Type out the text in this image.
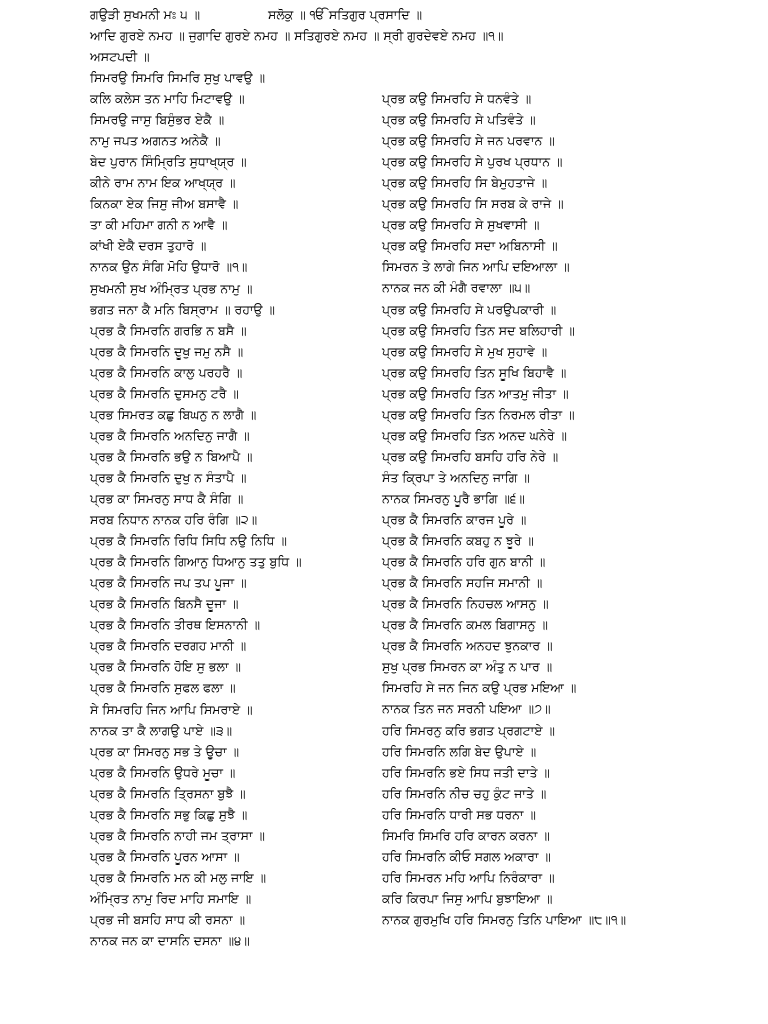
ਗਉੜੀ ਸੁਖਮਨੀ ਮਃ ੫ ॥	ਸਲੋਕੁ ॥ ੴ ਸਤਿਗੁਰ ਪ੍ਰਸਾਦਿ ॥
ਆਦਿ ਗੁਰਏ ਨਮਹ ॥ ਜੁਗਾਦਿ ਗੁਰਏ ਨਮਹ ॥ ਸਤਿਗੁਰਏ ਨਮਹ ॥ ਸ੍ਰੀ ਗੁਰਦੇਵਏ ਨਮਹ ॥੧॥
ਅਸਟਪਦੀ ॥
ਸਿਮਰਉ ਸਿਮਰਿ ਸਿਮਰਿ ਸੁਖੁ ਪਾਵਉ ॥
ਕਲਿ ਕਲੇਸ ਤਨ ਮਾਹਿ ਮਿਟਾਵਉ ॥
ਸਿਮਰਉ ਜਾਸੁ ਬਿਸੁੰਭਰ ਏਕੈ ॥
ਨਾਮੁ ਜਪਤ ਅਗਨਤ ਅਨੇਕੈ ॥
ਬੇਦ ਪੁਰਾਨ ਸਿੰਮ੍ਰਿਤਿ ਸੁਧਾਖ੍ਯ੍ਰ ॥
ਕੀਨੇ ਰਾਮ ਨਾਮ ਇਕ ਆਖ੍ਯ੍ਰ ॥
ਕਿਨਕਾ ਏਕ ਜਿਸੁ ਜੀਅ ਬਸਾਵੈ ॥
ਤਾ ਕੀ ਮਹਿਮਾ ਗਨੀ ਨ ਆਵੈ ॥
ਕਾਂਖੀ ਏਕੈ ਦਰਸ ਤੁਹਾਰੋ ॥
ਨਾਨਕ ਉਨ ਸੰਗਿ ਮੋਹਿ ਉਧਾਰੋ ॥੧॥
ਸੁਖਮਨੀ ਸੁਖ ਅੰਮ੍ਰਿਤ ਪ੍ਰਭ ਨਾਮੁ ॥
ਭਗਤ ਜਨਾ ਕੈ ਮਨਿ ਬਿਸ੍ਰਾਮ ॥ ਰਹਾਉ ॥
ਪ੍ਰਭ ਕੈ ਸਿਮਰਨਿ ਗਰਭਿ ਨ ਬਸੈ ॥
ਪ੍ਰਭ ਕੈ ਸਿਮਰਨਿ ਦੂਖੁ ਜਮੁ ਨਸੈ ॥
ਪ੍ਰਭ ਕੈ ਸਿਮਰਨਿ ਕਾਲੁ ਪਰਹਰੈ ॥
ਪ੍ਰਭ ਕੈ ਸਿਮਰਨਿ ਦੁਸਮਨੁ ਟਰੈ ॥
ਪ੍ਰਭ ਸਿਮਰਤ ਕਛੁ ਬਿਘਨੁ ਨ ਲਾਗੈ ॥
ਪ੍ਰਭ ਕੈ ਸਿਮਰਨਿ ਅਨਦਿਨੁ ਜਾਗੈ ॥
ਪ੍ਰਭ ਕੈ ਸਿਮਰਨਿ ਭਉ ਨ ਬਿਆਪੈ ॥
ਪ੍ਰਭ ਕੈ ਸਿਮਰਨਿ ਦੁਖੁ ਨ ਸੰਤਾਪੈ ॥
ਪ੍ਰਭ ਕਾ ਸਿਮਰਨੁ ਸਾਧ ਕੈ ਸੰਗਿ ॥
ਸਰਬ ਨਿਧਾਨ ਨਾਨਕ ਹਰਿ ਰੰਗਿ ॥੨॥
ਪ੍ਰਭ ਕੈ ਸਿਮਰਨਿ ਰਿਧਿ ਸਿਧਿ ਨਉ ਨਿਧਿ ॥
ਪ੍ਰਭ ਕੈ ਸਿਮਰਨਿ ਗਿਆਨੁ ਧਿਆਨੁ ਤਤੁ ਬੁਧਿ ॥
ਪ੍ਰਭ ਕੈ ਸਿਮਰਨਿ ਜਪ ਤਪ ਪੂਜਾ ॥
ਪ੍ਰਭ ਕੈ ਸਿਮਰਨਿ ਬਿਨਸੈ ਦੂਜਾ ॥
ਪ੍ਰਭ ਕੈ ਸਿਮਰਨਿ ਤੀਰਥ ਇਸਨਾਨੀ ॥
ਪ੍ਰਭ ਕੈ ਸਿਮਰਨਿ ਦਰਗਹ ਮਾਨੀ ॥
ਪ੍ਰਭ ਕੈ ਸਿਮਰਨਿ ਹੋਇ ਸੁ ਭਲਾ ॥
ਪ੍ਰਭ ਕੈ ਸਿਮਰਨਿ ਸੁਫਲ ਫਲਾ ॥
ਸੇ ਸਿਮਰਹਿ ਜਿਨ ਆਪਿ ਸਿਮਰਾਏ ॥
ਨਾਨਕ ਤਾ ਕੈ ਲਾਗਉ ਪਾਏ ॥੩॥
ਪ੍ਰਭ ਕਾ ਸਿਮਰਨੁ ਸਭ ਤੇ ਊਚਾ ॥
ਪ੍ਰਭ ਕੈ ਸਿਮਰਨਿ ਉਧਰੇ ਮੂਚਾ ॥
ਪ੍ਰਭ ਕੈ ਸਿਮਰਨਿ ਤ੍ਰਿਸਨਾ ਬੁਝੈ ॥
ਪ੍ਰਭ ਕੈ ਸਿਮਰਨਿ ਸਭੁ ਕਿਛੁ ਸੁਝੈ ॥
ਪ੍ਰਭ ਕੈ ਸਿਮਰਨਿ ਨਾਹੀ ਜਮ ਤ੍ਰਾਸਾ ॥
ਪ੍ਰਭ ਕੈ ਸਿਮਰਨਿ ਪੂਰਨ ਆਸਾ ॥
ਪ੍ਰਭ ਕੈ ਸਿਮਰਨਿ ਮਨ ਕੀ ਮਲੁ ਜਾਇ ॥
ਅੰਮ੍ਰਿਤ ਨਾਮੁ ਰਿਦ ਮਾਹਿ ਸਮਾਇ ॥
ਪ੍ਰਭ ਜੀ ਬਸਹਿ ਸਾਧ ਕੀ ਰਸਨਾ ॥
ਨਾਨਕ ਜਨ ਕਾ ਦਾਸਨਿ ਦਸਨਾ ॥੪॥
ਪ੍ਰਭ ਕਉ ਸਿਮਰਹਿ ਸੇ ਧਨਵੰਤੇ ॥
ਪ੍ਰਭ ਕਉ ਸਿਮਰਹਿ ਸੇ ਪਤਿਵੰਤੇ ॥
ਪ੍ਰਭ ਕਉ ਸਿਮਰਹਿ ਸੇ ਜਨ ਪਰਵਾਨ ॥
ਪ੍ਰਭ ਕਉ ਸਿਮਰਹਿ ਸੇ ਪੁਰਖ ਪ੍ਰਧਾਨ ॥
ਪ੍ਰਭ ਕਉ ਸਿਮਰਹਿ ਸਿ ਬੇਮੁਹਤਾਜੇ ॥
ਪ੍ਰਭ ਕਉ ਸਿਮਰਹਿ ਸਿ ਸਰਬ ਕੇ ਰਾਜੇ ॥
ਪ੍ਰਭ ਕਉ ਸਿਮਰਹਿ ਸੇ ਸੁਖਵਾਸੀ ॥
ਪ੍ਰਭ ਕਉ ਸਿਮਰਹਿ ਸਦਾ ਅਬਿਨਾਸੀ ॥
ਸਿਮਰਨ ਤੇ ਲਾਗੇ ਜਿਨ ਆਪਿ ਦਇਆਲਾ ॥
ਨਾਨਕ ਜਨ ਕੀ ਮੰਗੈ ਰਵਾਲਾ ॥੫॥
ਪ੍ਰਭ ਕਉ ਸਿਮਰਹਿ ਸੇ ਪਰਉਪਕਾਰੀ ॥
ਪ੍ਰਭ ਕਉ ਸਿਮਰਹਿ ਤਿਨ ਸਦ ਬਲਿਹਾਰੀ ॥
ਪ੍ਰਭ ਕਉ ਸਿਮਰਹਿ ਸੇ ਮੁਖ ਸੁਹਾਵੇ ॥
ਪ੍ਰਭ ਕਉ ਸਿਮਰਹਿ ਤਿਨ ਸੂਖਿ ਬਿਹਾਵੈ ॥
ਪ੍ਰਭ ਕਉ ਸਿਮਰਹਿ ਤਿਨ ਆਤਮੁ ਜੀਤਾ ॥
ਪ੍ਰਭ ਕਉ ਸਿਮਰਹਿ ਤਿਨ ਨਿਰਮਲ ਰੀਤਾ ॥
ਪ੍ਰਭ ਕਉ ਸਿਮਰਹਿ ਤਿਨ ਅਨਦ ਘਨੇਰੇ ॥
ਪ੍ਰਭ ਕਉ ਸਿਮਰਹਿ ਬਸਹਿ ਹਰਿ ਨੇਰੇ ॥
ਸੰਤ ਕ੍ਰਿਪਾ ਤੇ ਅਨਦਿਨੁ ਜਾਗਿ ॥
ਨਾਨਕ ਸਿਮਰਨੁ ਪੂਰੈ ਭਾਗਿ ॥੬॥
ਪ੍ਰਭ ਕੈ ਸਿਮਰਨਿ ਕਾਰਜ ਪੂਰੇ ॥
ਪ੍ਰਭ ਕੈ ਸਿਮਰਨਿ ਕਬਹੁ ਨ ਝੂਰੇ ॥
ਪ੍ਰਭ ਕੈ ਸਿਮਰਨਿ ਹਰਿ ਗੁਨ ਬਾਨੀ ॥
ਪ੍ਰਭ ਕੈ ਸਿਮਰਨਿ ਸਹਜਿ ਸਮਾਨੀ ॥
ਪ੍ਰਭ ਕੈ ਸਿਮਰਨਿ ਨਿਹਚਲ ਆਸਨੁ ॥
ਪ੍ਰਭ ਕੈ ਸਿਮਰਨਿ ਕਮਲ ਬਿਗਾਸਨੁ ॥
ਪ੍ਰਭ ਕੈ ਸਿਮਰਨਿ ਅਨਹਦ ਝੁਨਕਾਰ ॥
ਸੁਖੁ ਪ੍ਰਭ ਸਿਮਰਨ ਕਾ ਅੰਤੁ ਨ ਪਾਰ ॥
ਸਿਮਰਹਿ ਸੇ ਜਨ ਜਿਨ ਕਉ ਪ੍ਰਭ ਮਇਆ ॥
ਨਾਨਕ ਤਿਨ ਜਨ ਸਰਨੀ ਪਇਆ ॥੭॥
ਹਰਿ ਸਿਮਰਨੁ ਕਰਿ ਭਗਤ ਪ੍ਰਗਟਾਏ ॥
ਹਰਿ ਸਿਮਰਨਿ ਲਗਿ ਬੇਦ ਉਪਾਏ ॥
ਹਰਿ ਸਿਮਰਨਿ ਭਏ ਸਿਧ ਜਤੀ ਦਾਤੇ ॥
ਹਰਿ ਸਿਮਰਨਿ ਨੀਚ ਚਹੁ ਕੁੰਟ ਜਾਤੇ ॥
ਹਰਿ ਸਿਮਰਨਿ ਧਾਰੀ ਸਭ ਧਰਨਾ ॥
ਸਿਮਰਿ ਸਿਮਰਿ ਹਰਿ ਕਾਰਨ ਕਰਨਾ ॥
ਹਰਿ ਸਿਮਰਨਿ ਕੀਓ ਸਗਲ ਅਕਾਰਾ ॥
ਹਰਿ ਸਿਮਰਨ ਮਹਿ ਆਪਿ ਨਿਰੰਕਾਰਾ ॥
ਕਰਿ ਕਿਰਪਾ ਜਿਸੁ ਆਪਿ ਬੁਝਾਇਆ ॥
ਨਾਨਕ ਗੁਰਮੁਖਿ ਹਰਿ ਸਿਮਰਨੁ ਤਿਨਿ ਪਾਇਆ ॥੮॥੧॥
